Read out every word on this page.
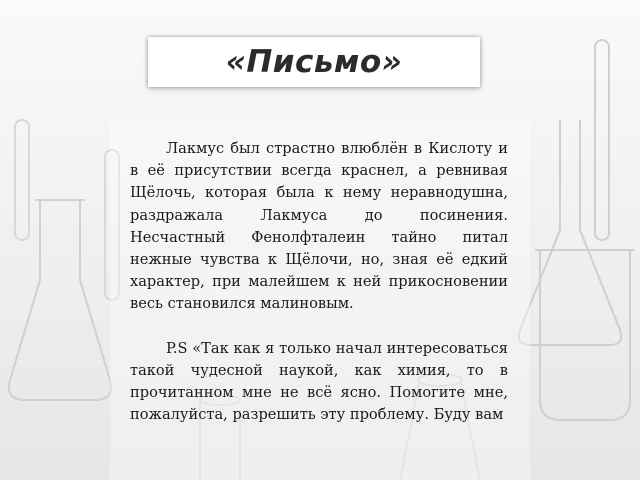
«Письмо»

Лакмус был страстно влюблён в Кислоту и в её присутствии всегда краснел, а ревнивая Щёлочь, которая была к нему неравнодушна, раздражала Лакмуса до посинения. Несчастный Фенолфталеин тайно питал нежные чувства к Щёлочи, но, зная её едкий характер, при малейшем к ней прикосновении весь становился малиновым.

P.S «Так как я только начал интересоваться такой чудесной наукой, как химия, то в прочитанном мне не всё ясно. Помогите мне, пожалуйста, разрешить эту проблему. Буду вам
